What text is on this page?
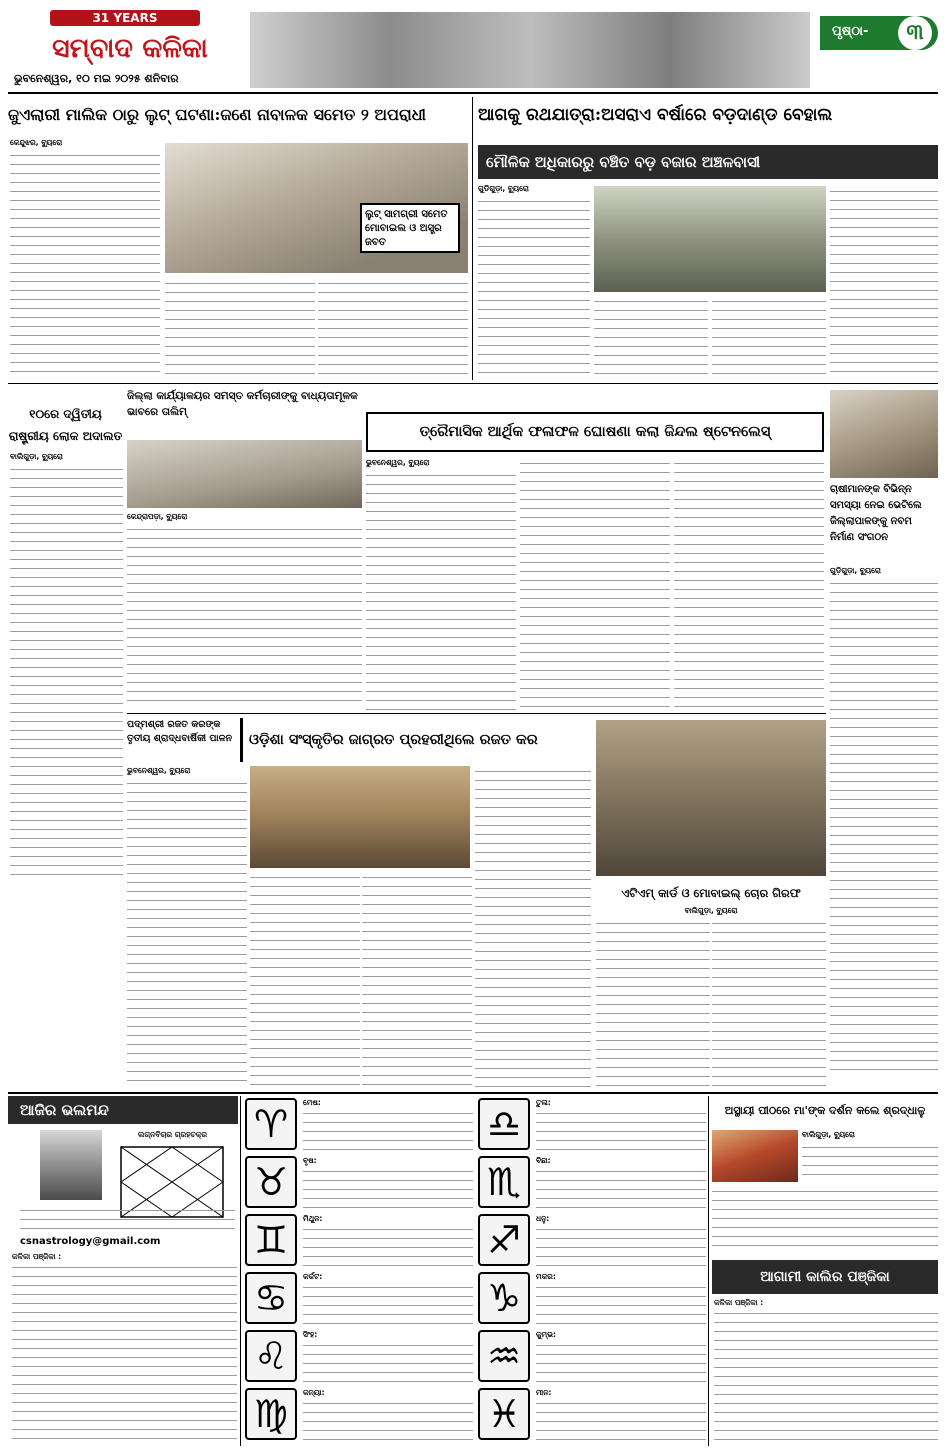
31 YEARS
ସମ୍ବାଦ କଳିକା
ଭୁବନେଶ୍ୱର, ୧୦ ମଇ ୨୦୨୫ ଶନିବାର
ପୃଷ୍ଠା-	୩
ଜୁଏଲାରୀ ମାଲିକ ଠାରୁ ଲୁଟ୍ ଘଟଣା:ଜଣେ ନାବାଳକ ସମେତ ୨ ଅପରାଧୀ
କେନ୍ଦୁଝର, ବ୍ୟୁରୋ
ଲୁଟ୍ ସାମଗ୍ରୀ ସମେତ ମୋବାଇଲ ଓ ଅସ୍ତ୍ର ଜବତ
ଆଗକୁ ରଥଯାତ୍ରା:ଅସରାଏ ବର୍ଷାରେ ବଡ଼ଦାଣ୍ଡ ବେହାଲ
ମୌଳିକ ଅଧିକାରରୁ ବଞ୍ଚିତ ବଡ଼ ବଜାର ଅଞ୍ଚଳବାସୀ
ଗୁଡିଗୁଡ଼ା, ବ୍ୟୁରୋ
୧୦ରେ ଦ୍ୱିତୀୟ ରାଷ୍ଟ୍ରୀୟ ଲୋକ ଅଦାଲତ
ବାଲିଗୁଡ଼ା, ବ୍ୟୁରୋ
ଜିଲ୍ଲା କାର୍ଯ୍ୟାଳୟର ସମସ୍ତ କର୍ମଚାରୀଙ୍କୁ ବାଧ୍ୟତାମୂଳକ ଭାବରେ ତାଲିମ୍
କେନ୍ଦ୍ରାପଡ଼ା, ବ୍ୟୁରୋ
ତ୍ରୈମାସିକ ଆର୍ଥିକ ଫଳାଫଳ ଘୋଷଣା କଲା ଜିନ୍ଦଲ ଷ୍ଟେନଲେସ୍
ଭୁବନେଶ୍ୱର, ବ୍ୟୁରୋ
ଚାଷୀମାନଙ୍କ ବିଭିନ୍ନ ସମସ୍ୟା ନେଇ ଭେଟିଲେ ଜିଲ୍ଲାପାଳଙ୍କୁ ନବମ ନିର୍ମାଣ ସଂଗଠନ
ଗୁଡ଼ିଗୁଡ଼ା, ବ୍ୟୁରୋ
ପଦ୍ମଶ୍ରୀ ରଜତ କରଙ୍କ ତୃତୀୟ ଶ୍ରାଦ୍ଧବାର୍ଷିକୀ ପାଳନ	ଓଡ଼ିଶା ସଂସ୍କୃତିର ଜାଗ୍ରତ ପ୍ରହରୀଥିଲେ ରଜତ କର
ଭୁବନେଶ୍ୱର, ବ୍ୟୁରୋ
ଏଟିଏମ୍ କାର୍ଡ ଓ ମୋବାଇଲ୍ ଚୋର ଗିରଫ
ବାଲିଗୁଡ଼ା, ବ୍ୟୁରୋ
ଆଜିର ଭଲମନ୍ଦ
ଲଗ୍ନବିଚାର ଗ୍ରହଚକ୍ର
csnastrology@gmail.com
କଳିକା ପଞ୍ଜିକା :
♈	ମେଷ:
♉	ବୃଷ:
♊	ମିଥୁନ:
♋	କର୍କଟ:
♌	ସିଂହ:
♍	କନ୍ୟା:
♎	ତୁଳା:
♏	ବିଛା:
♐	ଧନୁ:
♑	ମକର:
♒	କୁମ୍ଭ:
♓	ମୀନ:
ଅସ୍ଥାୟୀ ପୀଠରେ ମା'ଙ୍କ ଦର୍ଶନ କଲେ ଶ୍ରଦ୍ଧାଳୁ
ବାଲିଗୁଡ଼ା, ବ୍ୟୁରୋ
ଆଗାମୀ କାଲିର ପଞ୍ଜିକା
କଳିକା ପଞ୍ଜିକା :
